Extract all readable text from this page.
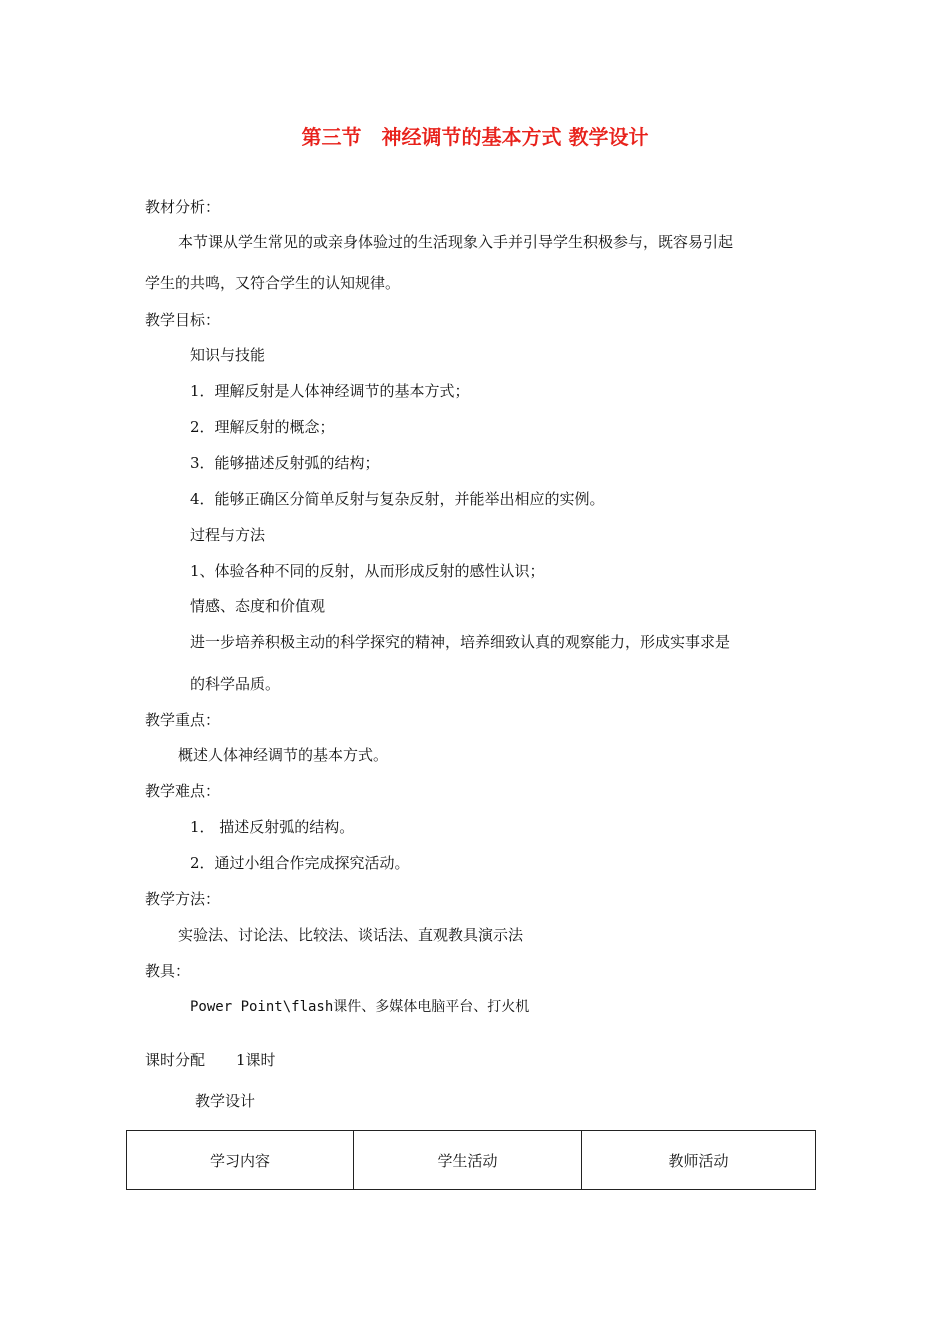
第三节　神经调节的基本方式 教学设计
教材分析：
本节课从学生常见的或亲身体验过的生活现象入手并引导学生积极参与，既容易引起
学生的共鸣，又符合学生的认知规律。
教学目标：
知识与技能
1．理解反射是人体神经调节的基本方式；
2．理解反射的概念；
3．能够描述反射弧的结构；
4．能够正确区分简单反射与复杂反射，并能举出相应的实例。
过程与方法
1、体验各种不同的反射，从而形成反射的感性认识；
情感、态度和价值观
进一步培养积极主动的科学探究的精神，培养细致认真的观察能力，形成实事求是
的科学品质。
教学重点：
概述人体神经调节的基本方式。
教学难点：
1． 描述反射弧的结构。
2．通过小组合作完成探究活动。
教学方法：
实验法、讨论法、比较法、谈话法、直观教具演示法
教具：
Power Point\flash课件、多媒体电脑平台、打火机
课时分配 1课时
教学设计
学习内容	学生活动	教师活动
